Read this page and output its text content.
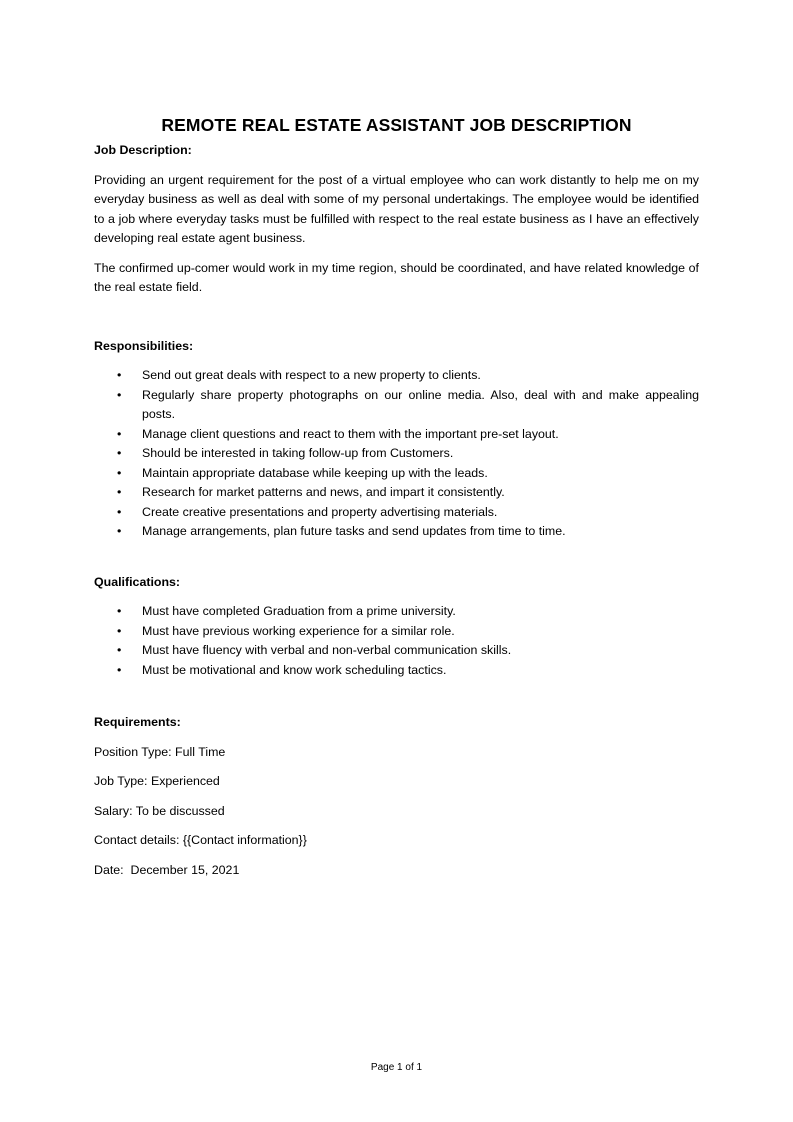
REMOTE REAL ESTATE ASSISTANT JOB DESCRIPTION

Job Description:

Providing an urgent requirement for the post of a virtual employee who can work distantly to help me on my everyday business as well as deal with some of my personal undertakings. The employee would be identified to a job where everyday tasks must be fulfilled with respect to the real estate business as I have an effectively developing real estate agent business.

The confirmed up-comer would work in my time region, should be coordinated, and have related knowledge of the real estate field.

Responsibilities:

• Send out great deals with respect to a new property to clients.
• Regularly share property photographs on our online media. Also, deal with and make appealing posts.
• Manage client questions and react to them with the important pre-set layout.
• Should be interested in taking follow-up from Customers.
• Maintain appropriate database while keeping up with the leads.
• Research for market patterns and news, and impart it consistently.
• Create creative presentations and property advertising materials.
• Manage arrangements, plan future tasks and send updates from time to time.

Qualifications:

• Must have completed Graduation from a prime university.
• Must have previous working experience for a similar role.
• Must have fluency with verbal and non-verbal communication skills.
• Must be motivational and know work scheduling tactics.

Requirements:

Position Type: Full Time

Job Type: Experienced

Salary: To be discussed

Contact details: {{Contact information}}

Date:  December 15, 2021

Page 1 of 1
